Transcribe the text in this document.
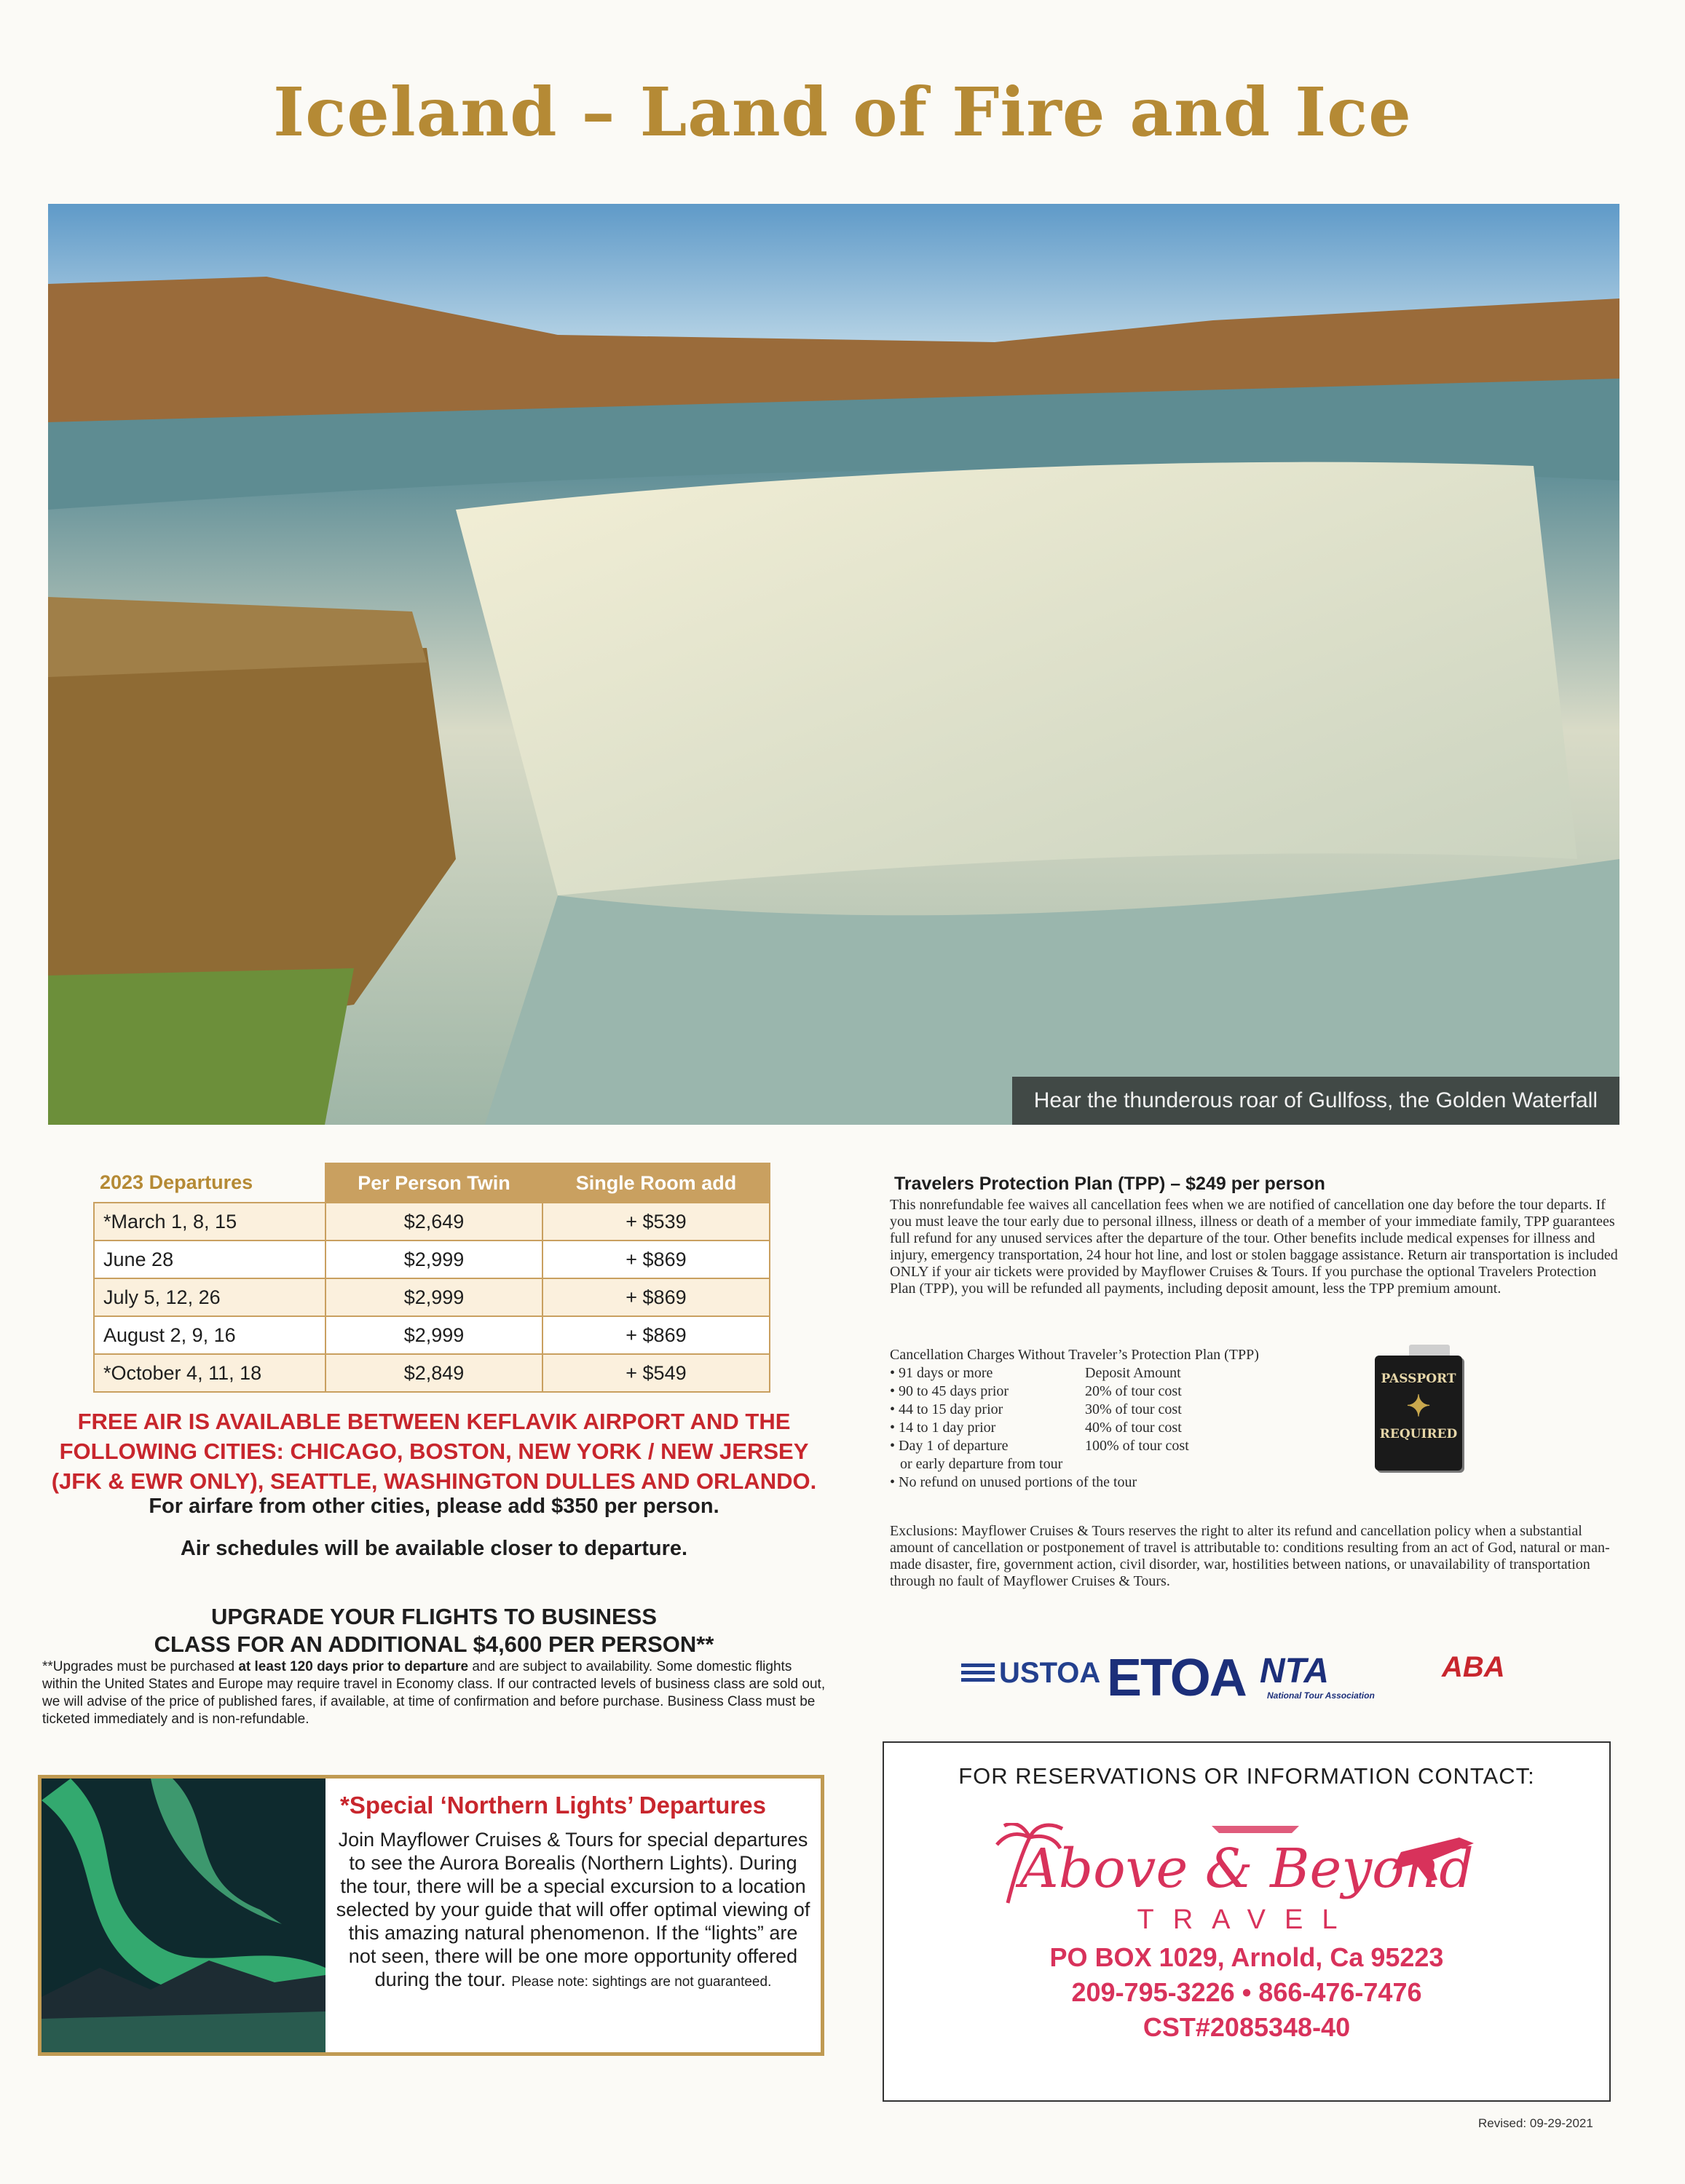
Iceland – Land of Fire and Ice
Hear the thunderous roar of Gullfoss, the Golden Waterfall
2023 Departures	Per Person Twin	Single Room add
*March 1, 8, 15	$2,649	+ $539
June 28	$2,999	+ $869
July 5, 12, 26	$2,999	+ $869
August 2, 9, 16	$2,999	+ $869
*October 4, 11, 18	$2,849	+ $549
FREE AIR IS AVAILABLE BETWEEN KEFLAVIK AIRPORT AND THE
FOLLOWING CITIES: CHICAGO, BOSTON, NEW YORK / NEW JERSEY
(JFK & EWR ONLY), SEATTLE, WASHINGTON DULLES AND ORLANDO.
For airfare from other cities, please add $350 per person.
Air schedules will be available closer to departure.
UPGRADE YOUR FLIGHTS TO BUSINESS
CLASS FOR AN ADDITIONAL $4,600 PER PERSON**
**Upgrades must be purchased at least 120 days prior to departure and are subject to availability. Some domestic flights within the United States and Europe may require travel in Economy class. If our contracted levels of business class are sold out, we will advise of the price of published fares, if available, at time of confirmation and before purchase. Business Class must be ticketed immediately and is non-refundable.
*Special ‘Northern Lights’ Departures
Join Mayflower Cruises & Tours for special departures to see the Aurora Borealis (Northern Lights). During the tour, there will be a special excursion to a location selected by your guide that will offer optimal viewing of this amazing natural phenomenon. If the “lights” are not seen, there will be one more opportunity offered during the tour. Please note: sightings are not guaranteed.
Travelers Protection Plan (TPP) – $249 per person
This nonrefundable fee waives all cancellation fees when we are notified of cancellation one day before the tour departs. If you must leave the tour early due to personal illness, illness or death of a member of your immediate family, TPP guarantees full refund for any unused services after the departure of the tour. Other benefits include medical expenses for illness and injury, emergency transportation, 24 hour hot line, and lost or stolen baggage assistance. Return air transportation is included ONLY if your air tickets were provided by Mayflower Cruises & Tours. If you purchase the optional Travelers Protection Plan (TPP), you will be refunded all payments, including deposit amount, less the TPP premium amount.
Cancellation Charges Without Traveler’s Protection Plan (TPP)
• 91 days or more	Deposit Amount
• 90 to 45 days prior	20% of tour cost
• 44 to 15 day prior	30% of tour cost
• 14 to 1 day prior	40% of tour cost
• Day 1 of departure	100% of tour cost
or early departure from tour
• No refund on unused portions of the tour
PASSPORT
✦
REQUIRED
Exclusions: Mayflower Cruises & Tours reserves the right to alter its refund and cancellation policy when a substantial amount of cancellation or postponement of travel is attributable to: conditions resulting from an act of God, natural or man-made disaster, fire, government action, civil disorder, war, hostilities between nations, or unavailability of transportation through no fault of Mayflower Cruises & Tours.
USTOA ETOA NTA
National Tour Association
ABA
FOR RESERVATIONS OR INFORMATION CONTACT:
Above & Beyond
TRAVEL
PO BOX 1029, Arnold, Ca 95223
209-795-3226 • 866-476-7476
CST#2085348-40
Revised: 09-29-2021
